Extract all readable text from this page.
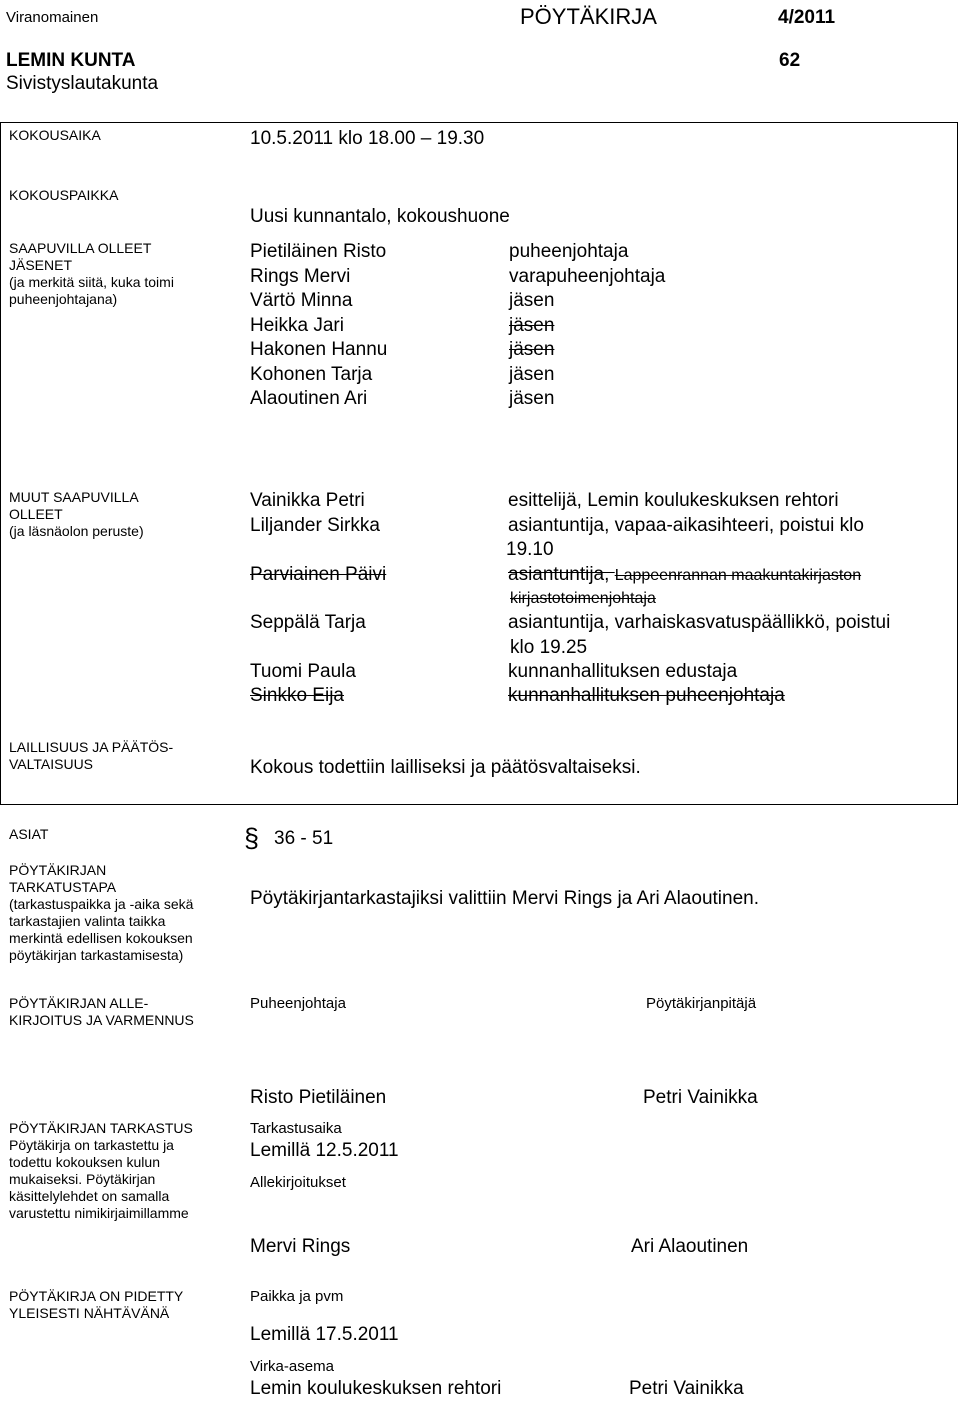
Viranomainen	PÖYTÄKIRJA	4/2011
LEMIN KUNTA	62
Sivistyslautakunta
KOKOUSAIKA	10.5.2011 klo 18.00 – 19.30
KOKOUSPAIKKA
Uusi kunnantalo, kokoushuone
SAAPUVILLA OLLEET
JÄSENET
(ja merkitä siitä, kuka toimi
puheenjohtajana)
Pietiläinen Risto	puheenjohtaja
Rings Mervi	varapuheenjohtaja
Värtö Minna	jäsen
Heikka Jari	jäsen
Hakonen Hannu	jäsen
Kohonen Tarja	jäsen
Alaoutinen Ari	jäsen
MUUT SAAPUVILLA
OLLEET
(ja läsnäolon peruste)
Vainikka Petri	esittelijä, Lemin koulukeskuksen rehtori
Liljander Sirkka	asiantuntija, vapaa-aikasihteeri, poistui klo
19.10
Parviainen Päivi	asiantuntija, Lappeenrannan maakuntakirjaston
kirjastotoimenjohtaja
Seppälä Tarja	asiantuntija, varhaiskasvatuspäällikkö, poistui
klo 19.25
Tuomi Paula	kunnanhallituksen edustaja
Sinkko Eija	kunnanhallituksen puheenjohtaja
LAILLISUUS JA PÄÄTÖS-
VALTAISUUS	Kokous todettiin lailliseksi ja päätösvaltaiseksi.
ASIAT	§ 36 - 51
PÖYTÄKIRJAN
TARKATUSTAPA
(tarkastuspaikka ja -aika sekä
tarkastajien valinta taikka
merkintä edellisen kokouksen
pöytäkirjan tarkastamisesta)
Pöytäkirjantarkastajiksi valittiin Mervi Rings ja Ari Alaoutinen.
PÖYTÄKIRJAN ALLE-
KIRJOITUS JA VARMENNUS
Puheenjohtaja	Pöytäkirjanpitäjä
Risto Pietiläinen	Petri Vainikka
PÖYTÄKIRJAN TARKASTUS
Pöytäkirja on tarkastettu ja
todettu kokouksen kulun
mukaiseksi. Pöytäkirjan
käsittelylehdet on samalla
varustettu nimikirjaimillamme
Tarkastusaika
Lemillä 12.5.2011
Allekirjoitukset
Mervi Rings	Ari Alaoutinen
PÖYTÄKIRJA ON PIDETTY
YLEISESTI NÄHTÄVÄNÄ
Paikka ja pvm
Lemillä 17.5.2011
Virka-asema
Lemin koulukeskuksen rehtori	Petri Vainikka
